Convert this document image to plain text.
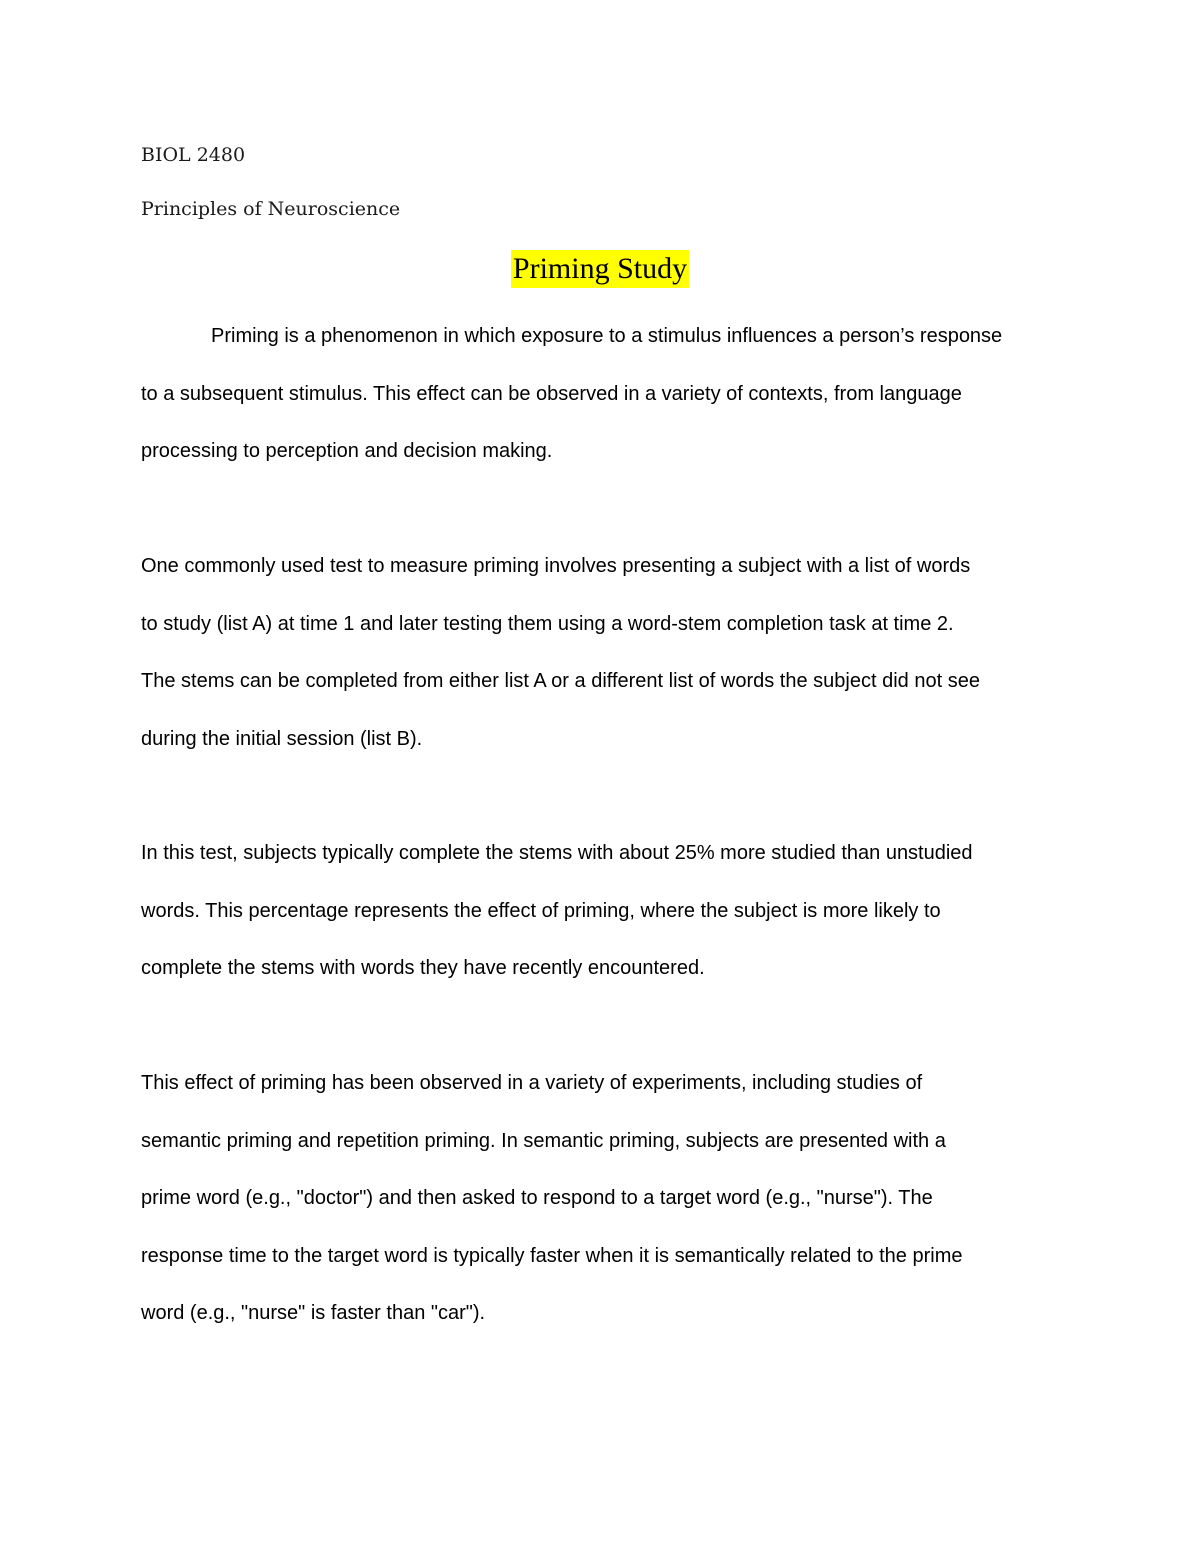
BIOL 2480
Principles of Neuroscience
Priming Study
Priming is a phenomenon in which exposure to a stimulus influences a person’s response
to a subsequent stimulus. This effect can be observed in a variety of contexts, from language
processing to perception and decision making.
One commonly used test to measure priming involves presenting a subject with a list of words
to study (list A) at time 1 and later testing them using a word-stem completion task at time 2.
The stems can be completed from either list A or a different list of words the subject did not see
during the initial session (list B).
In this test, subjects typically complete the stems with about 25% more studied than unstudied
words. This percentage represents the effect of priming, where the subject is more likely to
complete the stems with words they have recently encountered.
This effect of priming has been observed in a variety of experiments, including studies of
semantic priming and repetition priming. In semantic priming, subjects are presented with a
prime word (e.g., "doctor") and then asked to respond to a target word (e.g., "nurse"). The
response time to the target word is typically faster when it is semantically related to the prime
word (e.g., "nurse" is faster than "car").
